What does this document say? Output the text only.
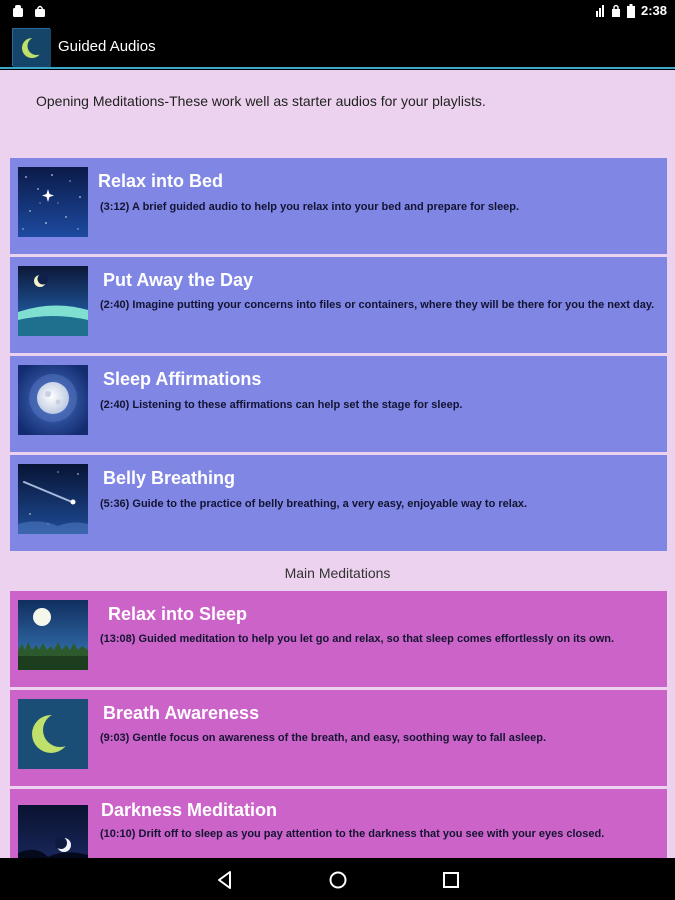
2:38
Guided Audios
Opening Meditations-These work well as starter audios for your playlists.
Relax into Bed
(3:12) A brief guided audio to help you relax into your bed and prepare for sleep.
Put Away the Day
(2:40) Imagine putting your concerns into files or containers, where they will be there for you the next day.
Sleep Affirmations
(2:40) Listening to these affirmations can help set the stage for sleep.
Belly Breathing
(5:36) Guide to the practice of belly breathing, a very easy, enjoyable way to relax.
Main Meditations
Relax into Sleep
(13:08) Guided meditation to help you let go and relax, so that sleep comes effortlessly on its own.
Breath Awareness
(9:03) Gentle focus on awareness of the breath, and easy, soothing way to fall asleep.
Darkness Meditation
(10:10) Drift off to sleep as you pay attention to the darkness that you see with your eyes closed.
